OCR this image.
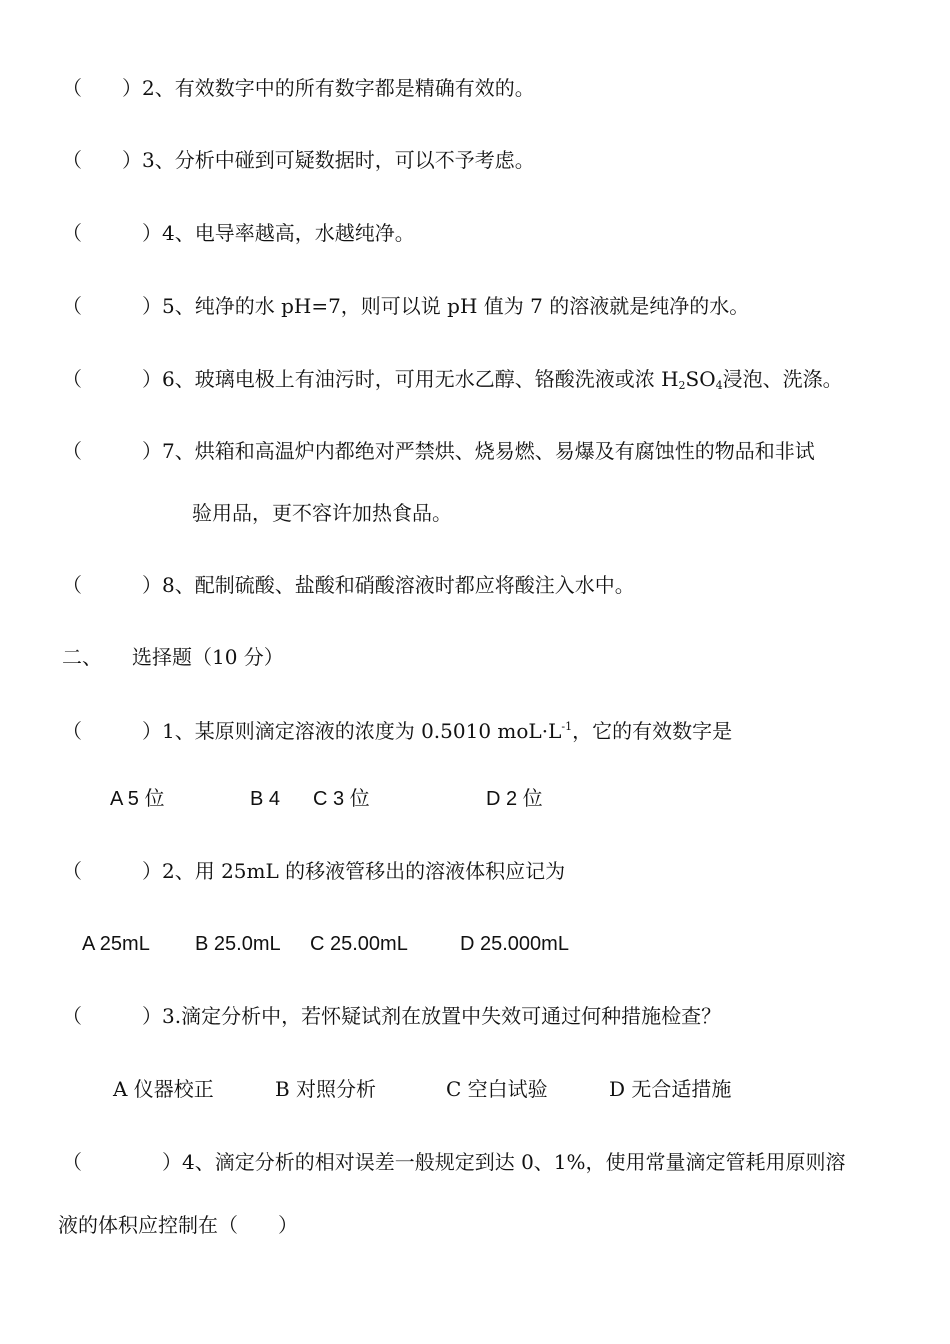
（　　）2、有效数字中的所有数字都是精确有效的。
（　　）3、分析中碰到可疑数据时，可以不予考虑。
（　　　）4、电导率越高，水越纯净。
（　　　）5、纯净的水 pH=7，则可以说 pH 值为 7 的溶液就是纯净的水。
（　　　）6、玻璃电极上有油污时，可用无水乙醇、铬酸洗液或浓 $H_2SO_4$浸泡、洗涤。
（　　　）7、烘箱和高温炉内都绝对严禁烘、烧易燃、易爆及有腐蚀性的物品和非试
验用品，更不容许加热食品。
（　　　）8、配制硫酸、盐酸和硝酸溶液时都应将酸注入水中。
二、 选择题（10 分）
（　　　）1、某原则滴定溶液的浓度为 0.5010 $moL\cdot L^{-1}$，它的有效数字是
A 5 位	B 4 C 3 位	D 2 位
（　　　）2、用 25mL 的移液管移出的溶液体积应记为
A 25mL B 25.0mL C 25.00mL	D 25.000mL
（　　　）3.滴定分析中，若怀疑试剂在放置中失效可通过何种措施检查？
A 仪器校正	B 对照分析	C 空白试验	D 无合适措施
（　　　　）4、滴定分析的相对误差一般规定到达 0、1%，使用常量滴定管耗用原则溶
液的体积应控制在（　　）
